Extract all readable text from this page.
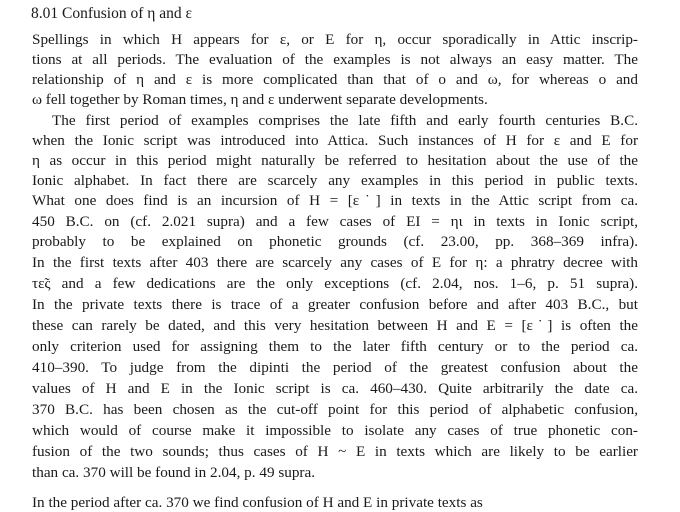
8.01 Confusion of η and ε
Spellings in which H appears for ε, or E for η, occur sporadically in Attic inscrip-
tions at all periods. The evaluation of the examples is not always an easy matter. The
relationship of η and ε is more complicated than that of ο and ω, for whereas ο and
ω fell together by Roman times, η and ε underwent separate developments.
The first period of examples comprises the late fifth and early fourth centuries B.C.
when the Ionic script was introduced into Attica. Such instances of H for ε and E for
η as occur in this period might naturally be referred to hesitation about the use of the
Ionic alphabet. In fact there are scarcely any examples in this period in public texts.
What one does find is an incursion of H = [ε˙] in texts in the Attic script from ca.
450 B.C. on (cf. 2.021 supra) and a few cases of EI = ηι in texts in Ionic script,
probably to be explained on phonetic grounds (cf. 23.00, pp. 368–369 infra).
In the first texts after 403 there are scarcely any cases of E for η: a phratry decree with
τε̃ς and a few dedications are the only exceptions (cf. 2.04, nos. 1–6, p. 51 supra).
In the private texts there is trace of a greater confusion before and after 403 B.C., but
these can rarely be dated, and this very hesitation between H and E = [ε˙] is often the
only criterion used for assigning them to the later fifth century or to the period ca.
410–390. To judge from the dipinti the period of the greatest confusion about the
values of H and E in the Ionic script is ca. 460–430. Quite arbitrarily the date ca.
370 B.C. has been chosen as the cut-off point for this period of alphabetic confusion,
which would of course make it impossible to isolate any cases of true phonetic con-
fusion of the two sounds; thus cases of H ~ E in texts which are likely to be earlier
than ca. 370 will be found in 2.04, p. 49 supra.
In the period after ca. 370 we find confusion of H and E in private texts as
